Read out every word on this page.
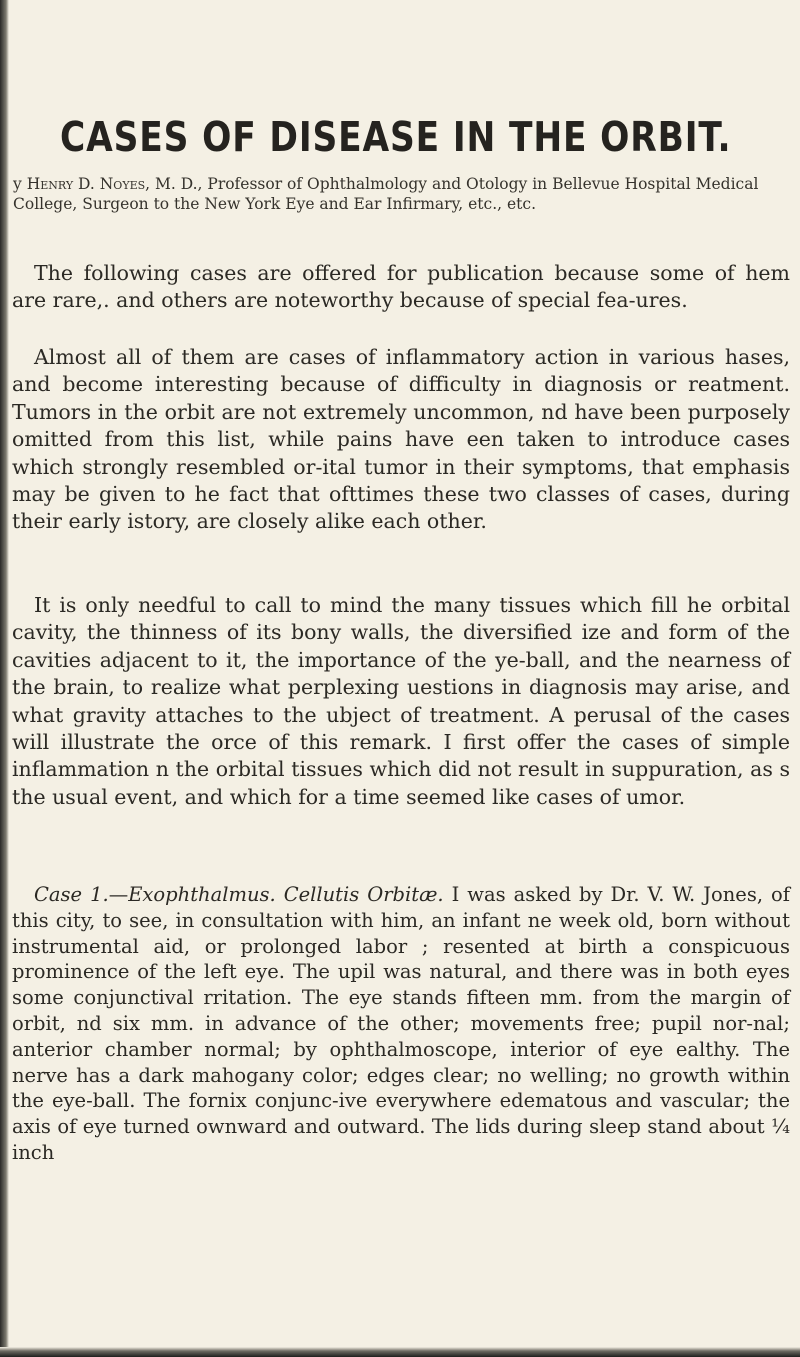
CASES OF DISEASE IN THE ORBIT.
y Henry D. Noyes, M. D., Professor of Ophthalmology and Otology in Bellevue Hospital Medical College, Surgeon to the New York Eye and Ear Infirmary, etc., etc.

The following cases are offered for publication because some of hem are rare,. and others are noteworthy because of special fea-ures.

Almost all of them are cases of inflammatory action in various hases, and become interesting because of difficulty in diagnosis or reatment. Tumors in the orbit are not extremely uncommon, nd have been purposely omitted from this list, while pains have een taken to introduce cases which strongly resembled or-ital tumor in their symptoms, that emphasis may be given to he fact that ofttimes these two classes of cases, during their early istory, are closely alike each other.

It is only needful to call to mind the many tissues which fill he orbital cavity, the thinness of its bony walls, the diversified ize and form of the cavities adjacent to it, the importance of the ye-ball, and the nearness of the brain, to realize what perplexing uestions in diagnosis may arise, and what gravity attaches to the ubject of treatment. A perusal of the cases will illustrate the orce of this remark. I first offer the cases of simple inflammation n the orbital tissues which did not result in suppuration, as s the usual event, and which for a time seemed like cases of umor.

Case 1.—Exophthalmus. Cellutis Orbitæ. I was asked by Dr. V. W. Jones, of this city, to see, in consultation with him, an infant ne week old, born without instrumental aid, or prolonged labor ; resented at birth a conspicuous prominence of the left eye. The upil was natural, and there was in both eyes some conjunctival rritation. The eye stands fifteen mm. from the margin of orbit, nd six mm. in advance of the other; movements free; pupil nor-nal; anterior chamber normal; by ophthalmoscope, interior of eye ealthy. The nerve has a dark mahogany color; edges clear; no welling; no growth within the eye-ball. The fornix conjunc-ive everywhere edematous and vascular; the axis of eye turned ownward and outward. The lids during sleep stand about ¼ inch
